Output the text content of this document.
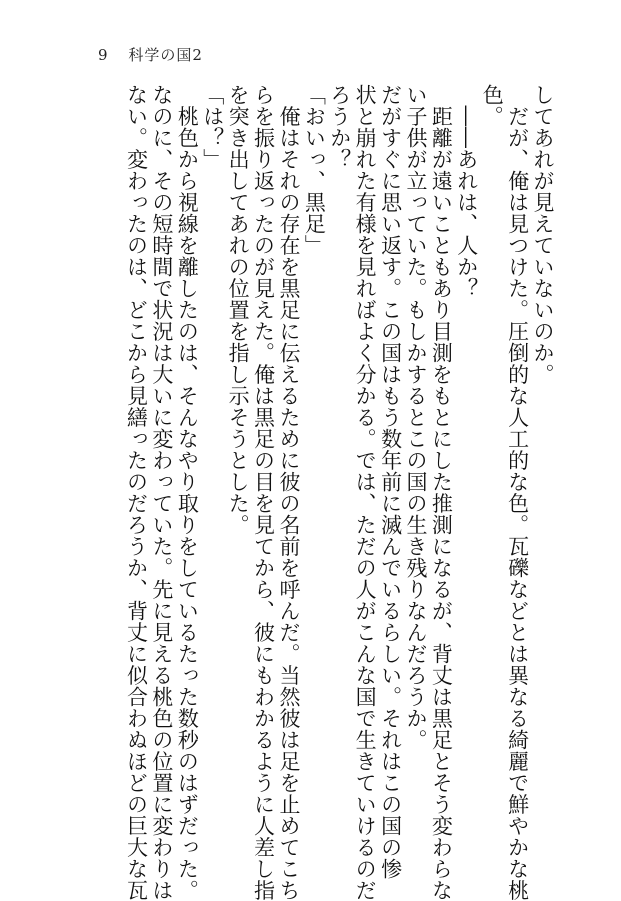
9 科学の国2

してあれが見えていないのか。

　だが、俺は見つけた。圧倒的な人工的な色。瓦礫などとは異なる綺麗で鮮やかな桃

色。

　――あれは、人か？

　距離が遠いこともあり目測をもとにした推測になるが、背丈は黒足とそう変わらな

い子供が立っていた。もしかするとこの国の生き残りなんだろうか。

だがすぐに思い返す。この国はもう数年前に滅んでいるらしい。それはこの国の惨

状と崩れた有様を見ればよく分かる。では、ただの人がこんな国で生きていけるのだ

ろうか？

「おいっ、黒足」

　俺はそれの存在を黒足に伝えるために彼の名前を呼んだ。当然彼は足を止めてこち

らを振り返ったのが見えた。俺は黒足の目を見てから、彼にもわかるように人差し指

を突き出してあれの位置を指し示そうとした。

「は？」

　桃色から視線を離したのは、そんなやり取りをしているたった数秒のはずだった。

なのに、その短時間で状況は大いに変わっていた。先に見える桃色の位置に変わりは

ない。変わったのは、どこから見繕ったのだろうか、背丈に似合わぬほどの巨大な瓦
